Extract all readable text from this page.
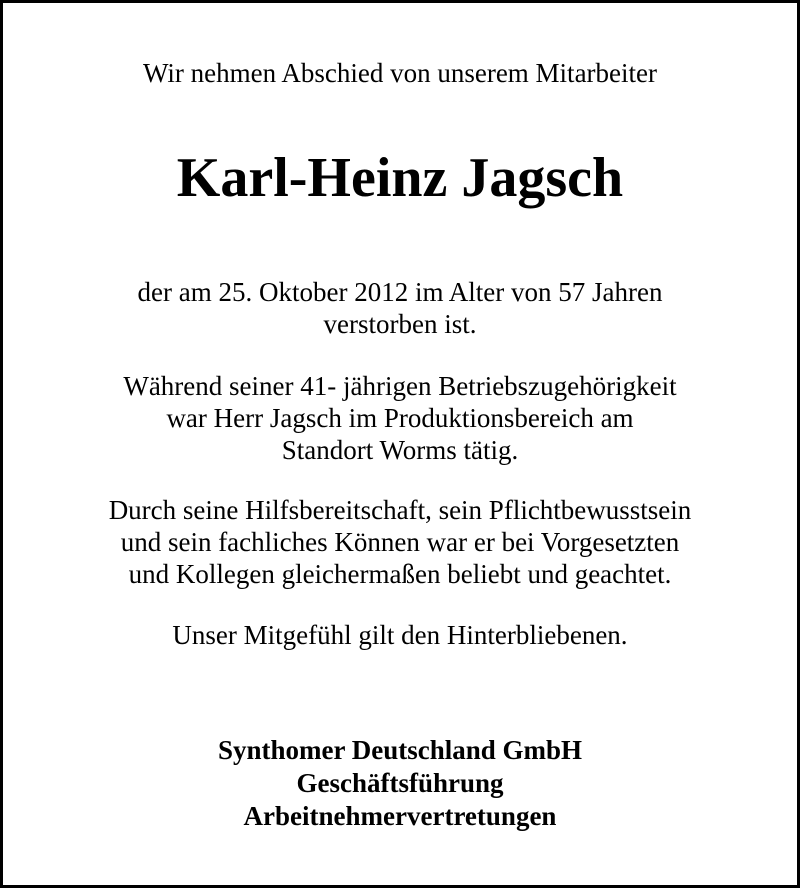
Wir nehmen Abschied von unserem Mitarbeiter
Karl-Heinz Jagsch
der am 25. Oktober 2012 im Alter von 57 Jahren
verstorben ist.
Während seiner 41- jährigen Betriebszugehörigkeit
war Herr Jagsch im Produktionsbereich am
Standort Worms tätig.
Durch seine Hilfsbereitschaft, sein Pflichtbewusstsein
und sein fachliches Können war er bei Vorgesetzten
und Kollegen gleichermaßen beliebt und geachtet.
Unser Mitgefühl gilt den Hinterbliebenen.
Synthomer Deutschland GmbH
Geschäftsführung
Arbeitnehmervertretungen
